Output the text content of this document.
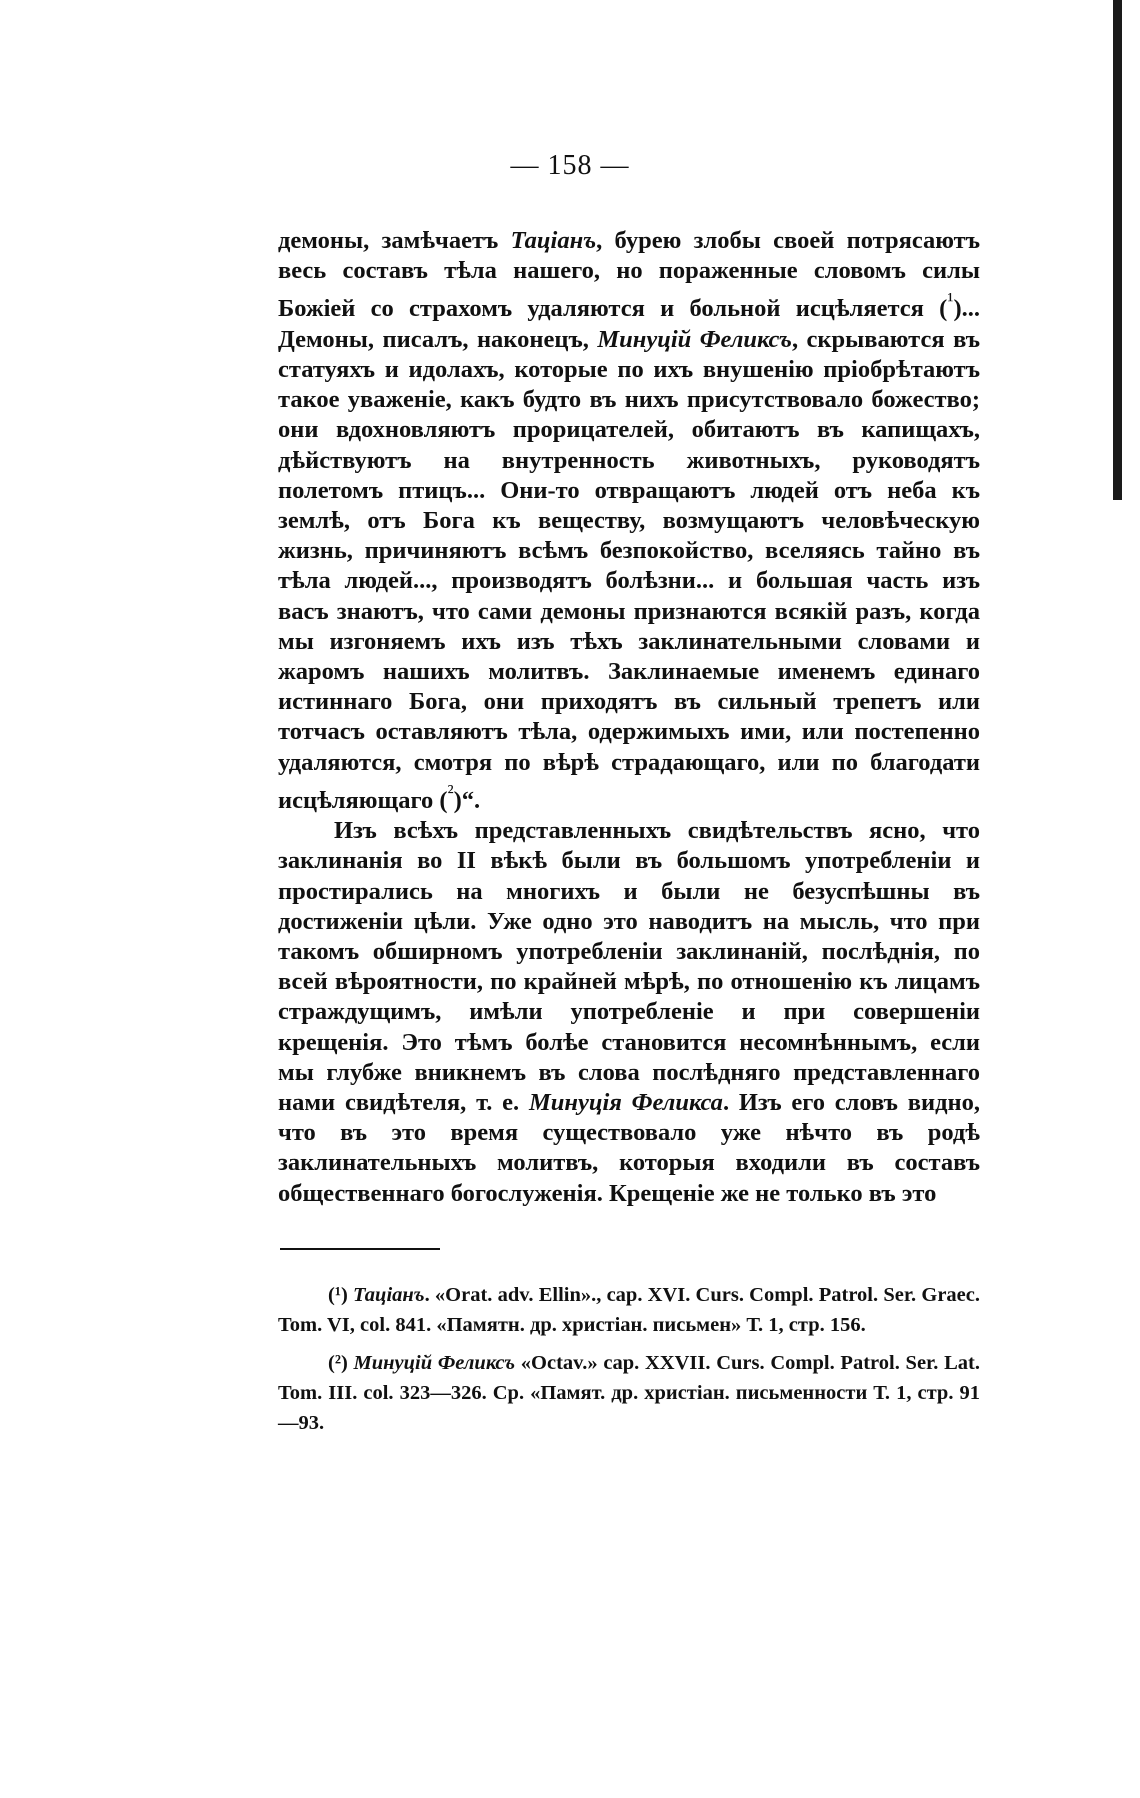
— 158 —

демоны, замѣчаетъ Тацiанъ, бурею злобы своей потрясаютъ весь составъ тѣла нашего, но пораженные словомъ силы Божiей со страхомъ удаляются и больной исцѣляется ($^{^1}$)... Демоны, писалъ, наконецъ, Минуцiй Феликсъ, скрываются въ статуяхъ и идолахъ, которые по ихъ внушенiю прiобрѣтаютъ такое уваженiе, какъ будто въ нихъ присутствовало божество; они вдохновляютъ прорицателей, обитаютъ въ капищахъ, дѣйствуютъ на внутренность животныхъ, руководятъ полетомъ птицъ... Они-то отвращаютъ людей отъ неба къ землѣ, отъ Бога къ веществу, возмущаютъ человѣческую жизнь, причиняютъ всѣмъ безпокойство, вселяясь тайно въ тѣла людей..., производятъ болѣзни... и большая часть изъ васъ знаютъ, что сами демоны признаются всякiй разъ, когда мы изгоняемъ ихъ изъ тѣхъ заклинательными словами и жаромъ нашихъ молитвъ. Заклинаемые именемъ единаго истиннаго Бога, они приходятъ въ сильный трепетъ или тотчасъ оставляютъ тѣла, одержимыхъ ими, или постепенно удаляются, смотря по вѣрѣ страдающаго, или по благодати исцѣляющаго ($^{^2}$)“.

Изъ всѣхъ представленныхъ свидѣтельствъ ясно, что заклинанiя во II вѣкѣ были въ большомъ употребленiи и простирались на многихъ и были не безуспѣшны въ достиженiи цѣли. Уже одно это наводитъ на мысль, что при такомъ обширномъ употребленiи заклинанiй, послѣднiя, по всей вѣроятности, по крайней мѣрѣ, по отношенiю къ лицамъ страждущимъ, имѣли употребленiе и при совершенiи крещенiя. Это тѣмъ болѣе становится несомнѣннымъ, если мы глубже вникнемъ въ слова послѣдняго представленнаго нами свидѣтеля, т. е. Минуцiя Феликса. Изъ его словъ видно, что въ это время существовало уже нѣчто въ родѣ заклинательныхъ молитвъ, которыя входили въ составъ общественнаго богослуженiя. Крещенiе же не только въ это

(¹) Тацiанъ. «Orat. adv. Ellin»., cap. XVI. Curs. Compl. Patrol. Ser. Graec. Tom. VI, col. 841. «Памятн. др. христiан. письмен» Т. 1, стр. 156.

(²) Минуцiй Феликсъ «Octav.» cap. XXVII. Curs. Compl. Patrol. Ser. Lat. Tom. III. col. 323—326. Ср. «Памят. др. христiан. письменности Т. 1, стр. 91—93.
